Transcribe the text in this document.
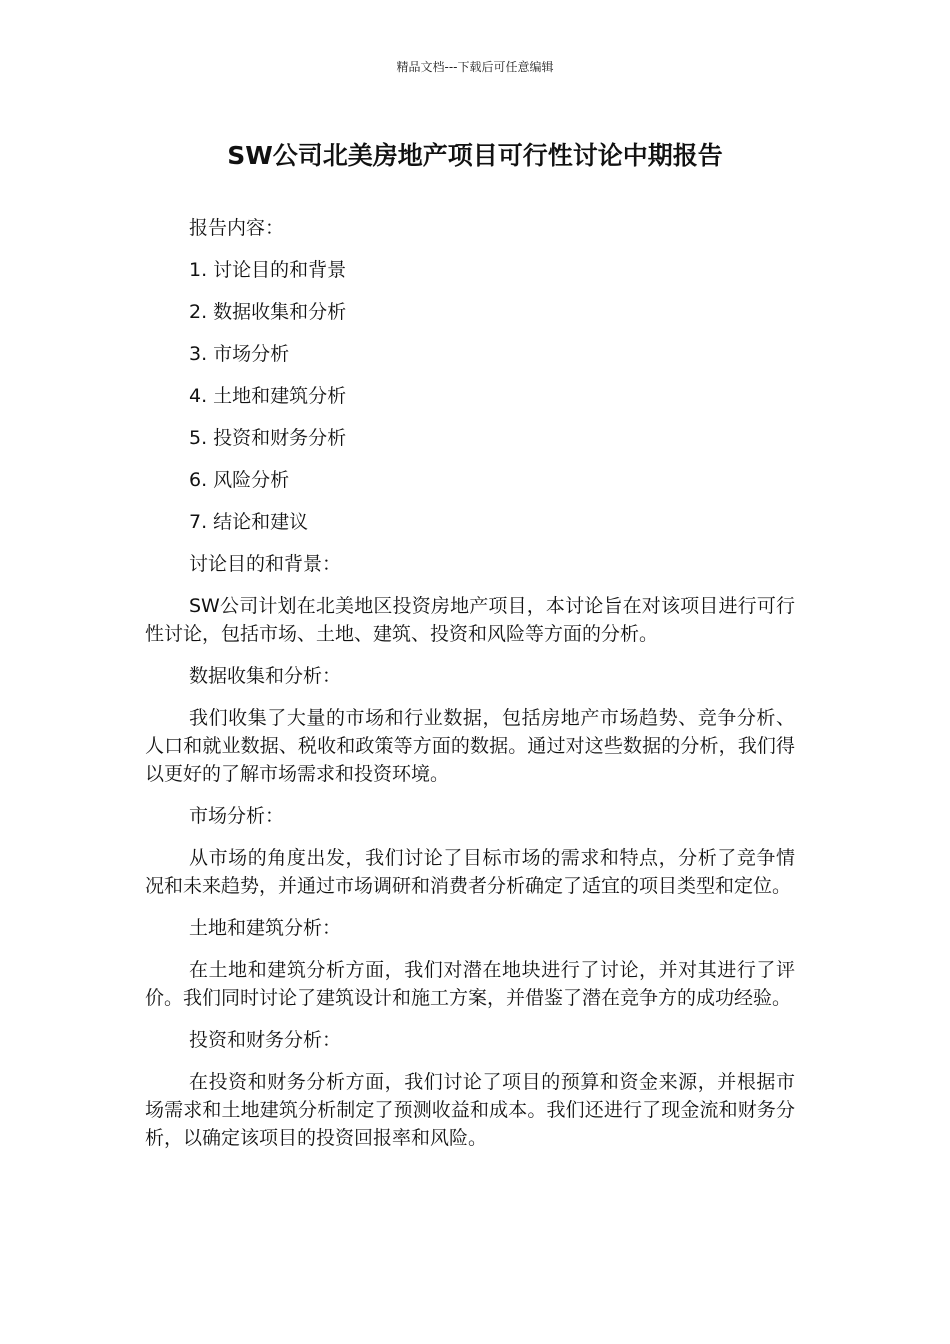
精品文档---下载后可任意编辑
SW公司北美房地产项目可行性讨论中期报告

报告内容：

1. 讨论目的和背景

2. 数据收集和分析

3. 市场分析

4. 土地和建筑分析

5. 投资和财务分析

6. 风险分析

7. 结论和建议

讨论目的和背景：

SW公司计划在北美地区投资房地产项目，本讨论旨在对该项目进行可行性讨论，包括市场、土地、建筑、投资和风险等方面的分析。

数据收集和分析：

我们收集了大量的市场和行业数据，包括房地产市场趋势、竞争分析、人口和就业数据、税收和政策等方面的数据。通过对这些数据的分析，我们得以更好的了解市场需求和投资环境。

市场分析：

从市场的角度出发，我们讨论了目标市场的需求和特点，分析了竞争情况和未来趋势，并通过市场调研和消费者分析确定了适宜的项目类型和定位。

土地和建筑分析：

在土地和建筑分析方面，我们对潜在地块进行了讨论，并对其进行了评价。我们同时讨论了建筑设计和施工方案，并借鉴了潜在竞争方的成功经验。

投资和财务分析：

在投资和财务分析方面，我们讨论了项目的预算和资金来源，并根据市场需求和土地建筑分析制定了预测收益和成本。我们还进行了现金流和财务分析，以确定该项目的投资回报率和风险。
